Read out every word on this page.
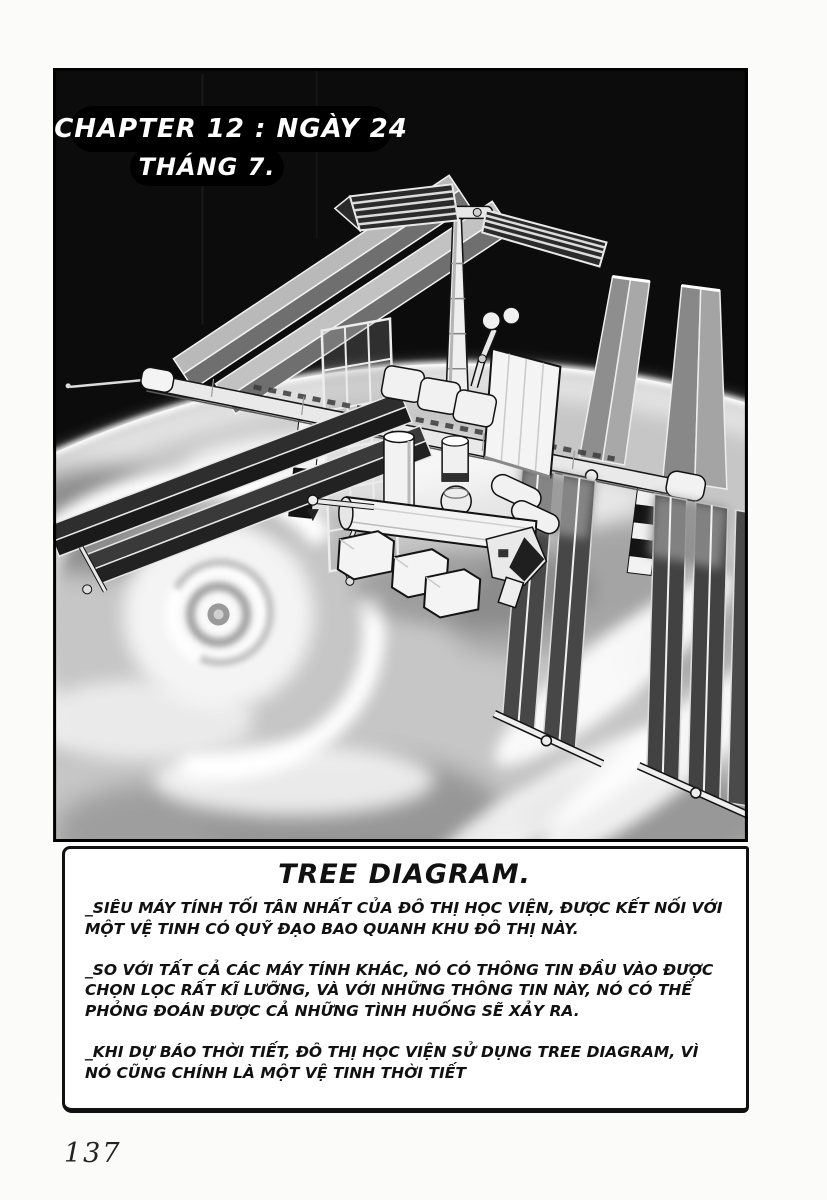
CHAPTER 12 : NGÀY 24
THÁNG 7.
TREE DIAGRAM.

_SIÊU MÁY TÍNH TỐI TÂN NHẤT CỦA ĐÔ THỊ HỌC VIỆN, ĐƯỢC KẾT NỐI VỚI MỘT VỆ TINH CÓ QUỸ ĐẠO BAO QUANH KHU ĐÔ THỊ NÀY.

_SO VỚI TẤT CẢ CÁC MÁY TÍNH KHÁC, NÓ CÓ THÔNG TIN ĐẦU VÀO ĐƯỢC CHỌN LỌC RẤT KĨ LƯỠNG, VÀ VỚI NHỮNG THÔNG TIN NÀY, NÓ CÓ THỂ PHỎNG ĐOÁN ĐƯỢC CẢ NHỮNG TÌNH HUỐNG SẼ XẢY RA.

_KHI DỰ BÁO THỜI TIẾT, ĐÔ THỊ HỌC VIỆN SỬ DỤNG TREE DIAGRAM, VÌ NÓ CŨNG CHÍNH LÀ MỘT VỆ TINH THỜI TIẾT

137
